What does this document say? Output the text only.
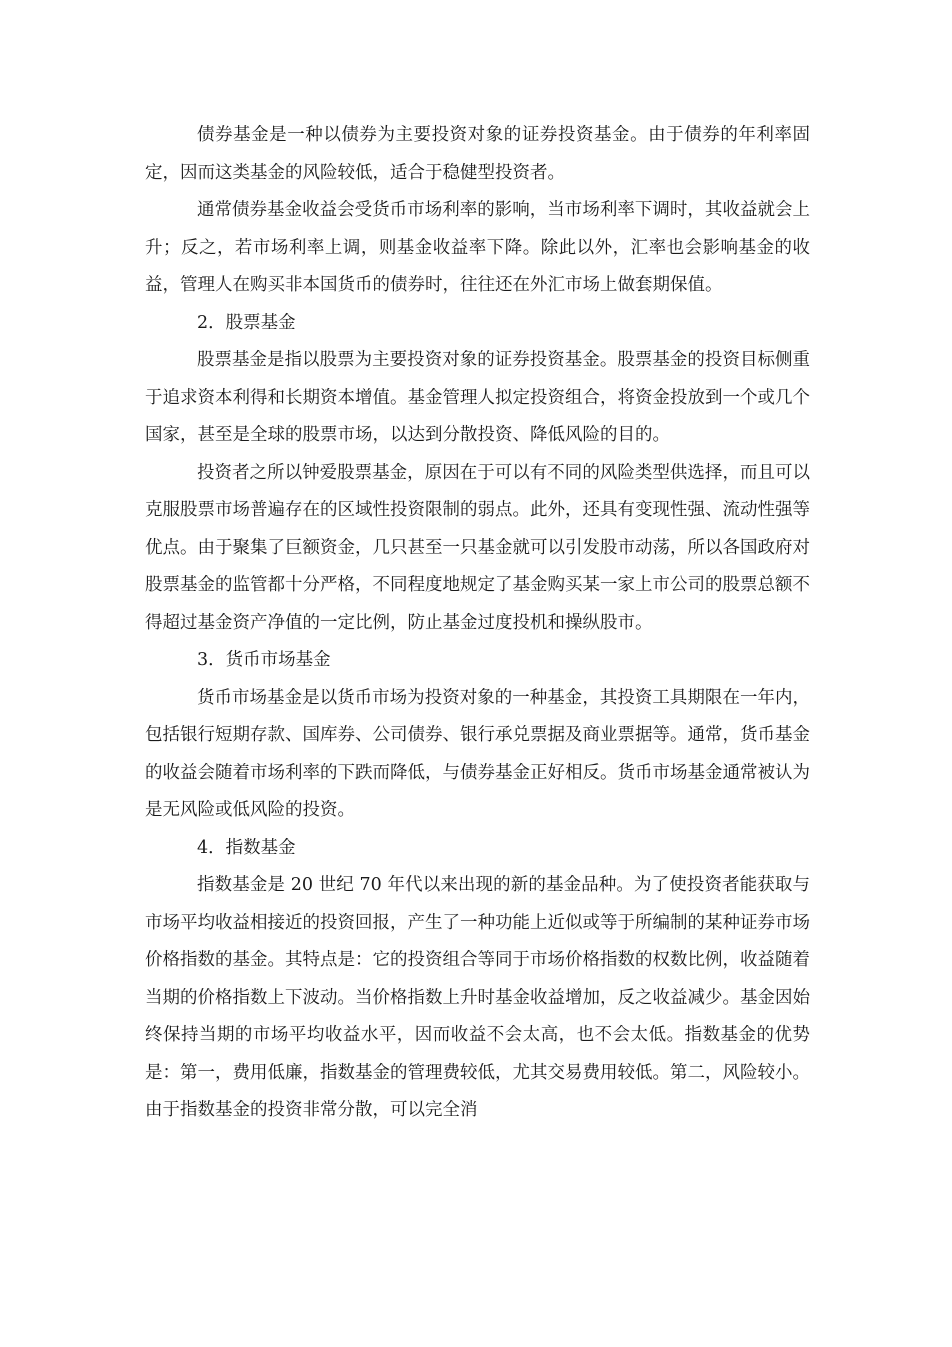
债券基金是一种以债券为主要投资对象的证券投资基金。由于债券的年利率固定，因而这类基金的风险较低，适合于稳健型投资者。

通常债券基金收益会受货币市场利率的影响，当市场利率下调时，其收益就会上升；反之，若市场利率上调，则基金收益率下降。除此以外，汇率也会影响基金的收益，管理人在购买非本国货币的债券时，往往还在外汇市场上做套期保值。

2．股票基金

股票基金是指以股票为主要投资对象的证券投资基金。股票基金的投资目标侧重于追求资本利得和长期资本增值。基金管理人拟定投资组合，将资金投放到一个或几个国家，甚至是全球的股票市场，以达到分散投资、降低风险的目的。

投资者之所以钟爱股票基金，原因在于可以有不同的风险类型供选择，而且可以克服股票市场普遍存在的区域性投资限制的弱点。此外，还具有变现性强、流动性强等优点。由于聚集了巨额资金，几只甚至一只基金就可以引发股市动荡，所以各国政府对股票基金的监管都十分严格，不同程度地规定了基金购买某一家上市公司的股票总额不得超过基金资产净值的一定比例，防止基金过度投机和操纵股市。

3．货币市场基金

货币市场基金是以货币市场为投资对象的一种基金，其投资工具期限在一年内，包括银行短期存款、国库券、公司债券、银行承兑票据及商业票据等。通常，货币基金的收益会随着市场利率的下跌而降低，与债券基金正好相反。货币市场基金通常被认为是无风险或低风险的投资。

4．指数基金

指数基金是 20 世纪 70 年代以来出现的新的基金品种。为了使投资者能获取与市场平均收益相接近的投资回报，产生了一种功能上近似或等于所编制的某种证券市场价格指数的基金。其特点是：它的投资组合等同于市场价格指数的权数比例，收益随着当期的价格指数上下波动。当价格指数上升时基金收益增加，反之收益减少。基金因始终保持当期的市场平均收益水平，因而收益不会太高，也不会太低。指数基金的优势是：第一，费用低廉，指数基金的管理费较低，尤其交易费用较低。第二，风险较小。由于指数基金的投资非常分散，可以完全消
